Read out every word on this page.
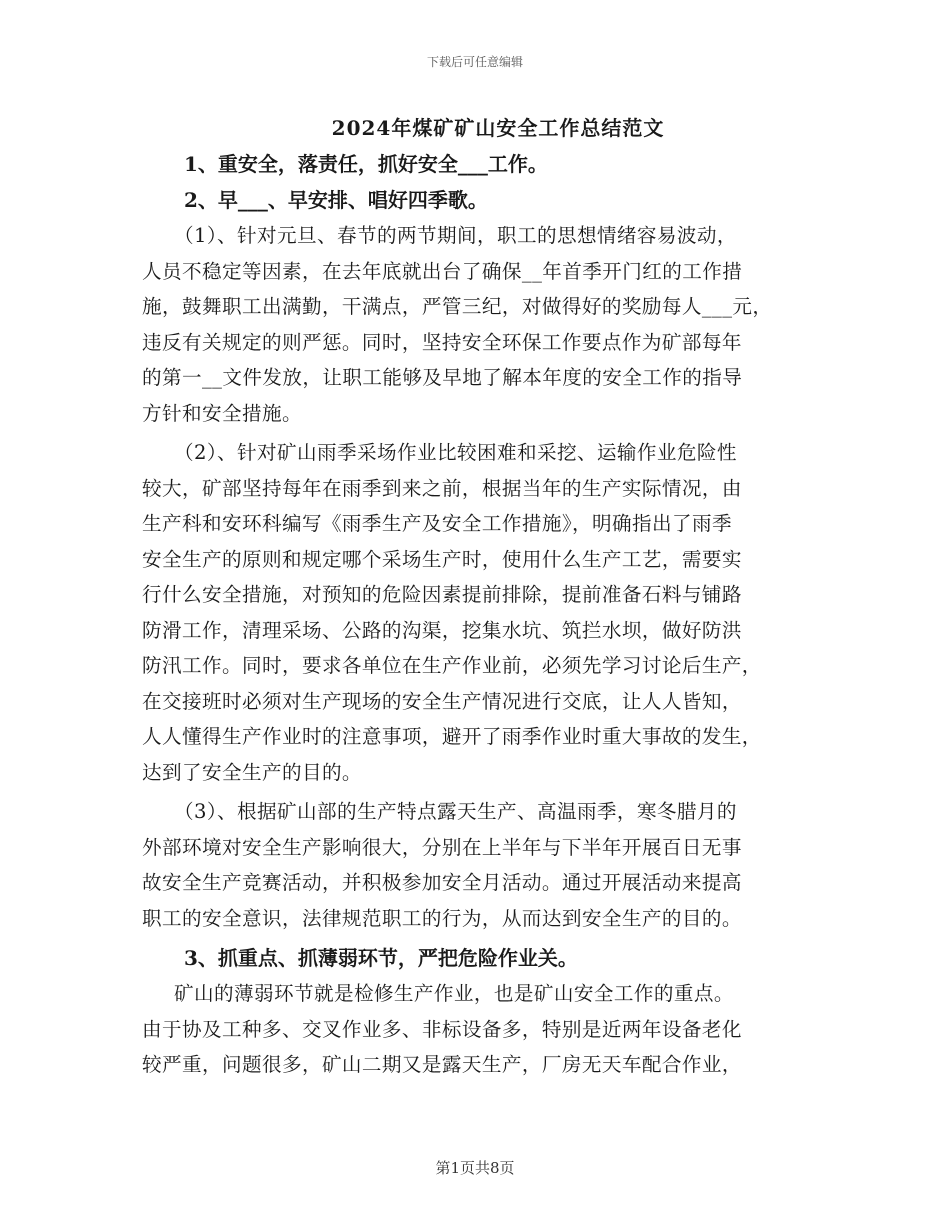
下载后可任意编辑
2024年煤矿矿山安全工作总结范文
1、重安全，落责任，抓好安全___工作。
2、早___、早安排、唱好四季歌。

（1）、针对元旦、春节的两节期间，职工的思想情绪容易波动，
人员不稳定等因素，在去年底就出台了确保__年首季开门红的工作措
施，鼓舞职工出满勤，干满点，严管三纪，对做得好的奖励每人___元，
违反有关规定的则严惩。同时，坚持安全环保工作要点作为矿部每年
的第一__文件发放，让职工能够及早地了解本年度的安全工作的指导
方针和安全措施。

（2）、针对矿山雨季采场作业比较困难和采挖、运输作业危险性
较大，矿部坚持每年在雨季到来之前，根据当年的生产实际情况，由
生产科和安环科编写《雨季生产及安全工作措施》，明确指出了雨季
安全生产的原则和规定哪个采场生产时，使用什么生产工艺，需要实
行什么安全措施，对预知的危险因素提前排除，提前准备石料与铺路
防滑工作，清理采场、公路的沟渠，挖集水坑、筑拦水坝，做好防洪
防汛工作。同时，要求各单位在生产作业前，必须先学习讨论后生产，
在交接班时必须对生产现场的安全生产情况进行交底，让人人皆知，
人人懂得生产作业时的注意事项，避开了雨季作业时重大事故的发生，
达到了安全生产的目的。

（3）、根据矿山部的生产特点露天生产、高温雨季，寒冬腊月的
外部环境对安全生产影响很大，分别在上半年与下半年开展百日无事
故安全生产竞赛活动，并积极参加安全月活动。通过开展活动来提高
职工的安全意识，法律规范职工的行为，从而达到安全生产的目的。

3、抓重点、抓薄弱环节，严把危险作业关。

矿山的薄弱环节就是检修生产作业，也是矿山安全工作的重点。
由于协及工种多、交叉作业多、非标设备多，特别是近两年设备老化
较严重，问题很多，矿山二期又是露天生产，厂房无天车配合作业，

第1页共8页
